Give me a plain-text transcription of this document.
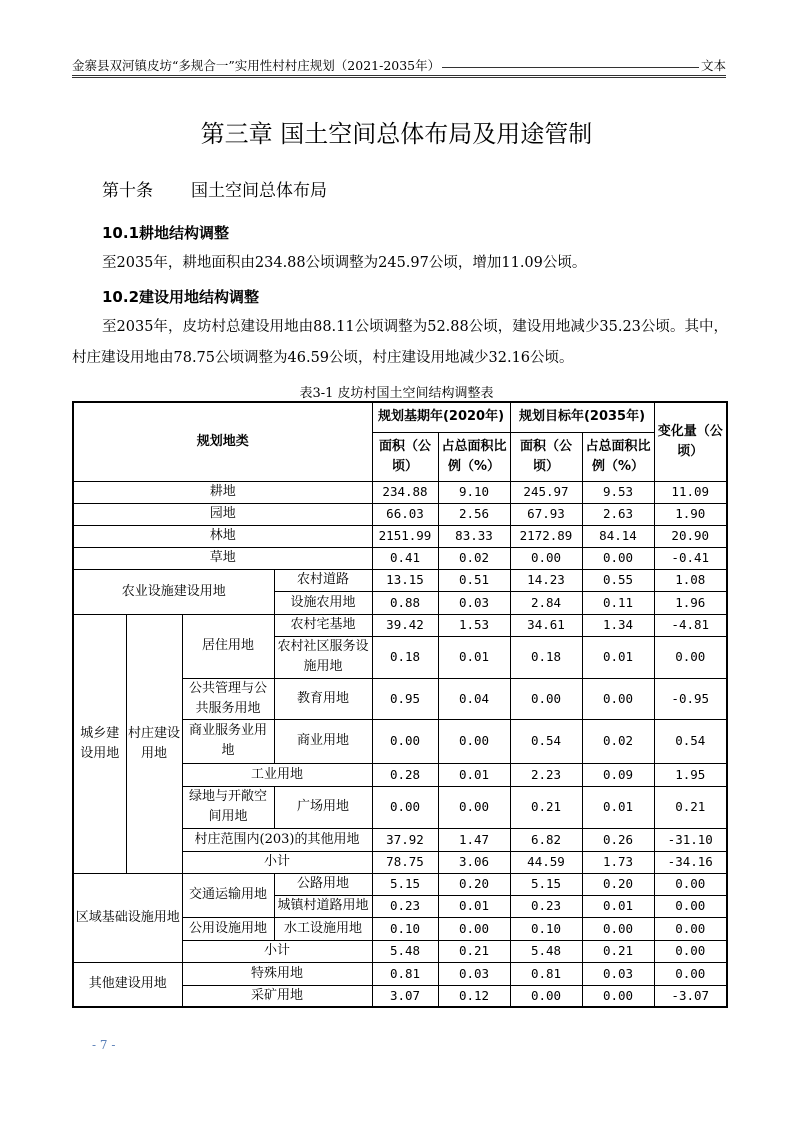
金寨县双河镇皮坊“多规合一”实用性村村庄规划（2021-2035年）	文本
第三章 国土空间总体布局及用途管制
第十条 国土空间总体布局
10.1耕地结构调整
至2035年，耕地面积由234.88公顷调整为245.97公顷，增加11.09公顷。
10.2建设用地结构调整
至2035年，皮坊村总建设用地由88.11公顷调整为52.88公顷，建设用地减少35.23公顷。其中，村庄建设用地由78.75公顷调整为46.59公顷，村庄建设用地减少32.16公顷。
表3-1 皮坊村国土空间结构调整表
规划地类				规划基期年(2020年)		规划目标年(2035年)		变化量（公顷）
				面积（公顷）	占总面积比例（%）	面积（公顷）	占总面积比例（%）	
耕地				234.88	9.10	245.97	9.53	11.09
园地				66.03	2.56	67.93	2.63	1.90
林地				2151.99	83.33	2172.89	84.14	20.90
草地				0.41	0.02	0.00	0.00	-0.41
农业设施建设用地			农村道路	13.15	0.51	14.23	0.55	1.08
			设施农用地	0.88	0.03	2.84	0.11	1.96
城乡建设用地	村庄建设用地	居住用地	农村宅基地	39.42	1.53	34.61	1.34	-4.81
			农村社区服务设施用地	0.18	0.01	0.18	0.01	0.00
		公共管理与公共服务用地	教育用地	0.95	0.04	0.00	0.00	-0.95
		商业服务业用地	商业用地	0.00	0.00	0.54	0.02	0.54
		工业用地		0.28	0.01	2.23	0.09	1.95
		绿地与开敞空间用地	广场用地	0.00	0.00	0.21	0.01	0.21
		村庄范围内(203)的其他用地		37.92	1.47	6.82	0.26	-31.10
		小计		78.75	3.06	44.59	1.73	-34.16
区域基础设施用地		交通运输用地	公路用地	5.15	0.20	5.15	0.20	0.00
			城镇村道路用地	0.23	0.01	0.23	0.01	0.00
		公用设施用地	水工设施用地	0.10	0.00	0.10	0.00	0.00
		小计		5.48	0.21	5.48	0.21	0.00
其他建设用地		特殊用地		0.81	0.03	0.81	0.03	0.00
		采矿用地		3.07	0.12	0.00	0.00	-3.07
- 7 -
